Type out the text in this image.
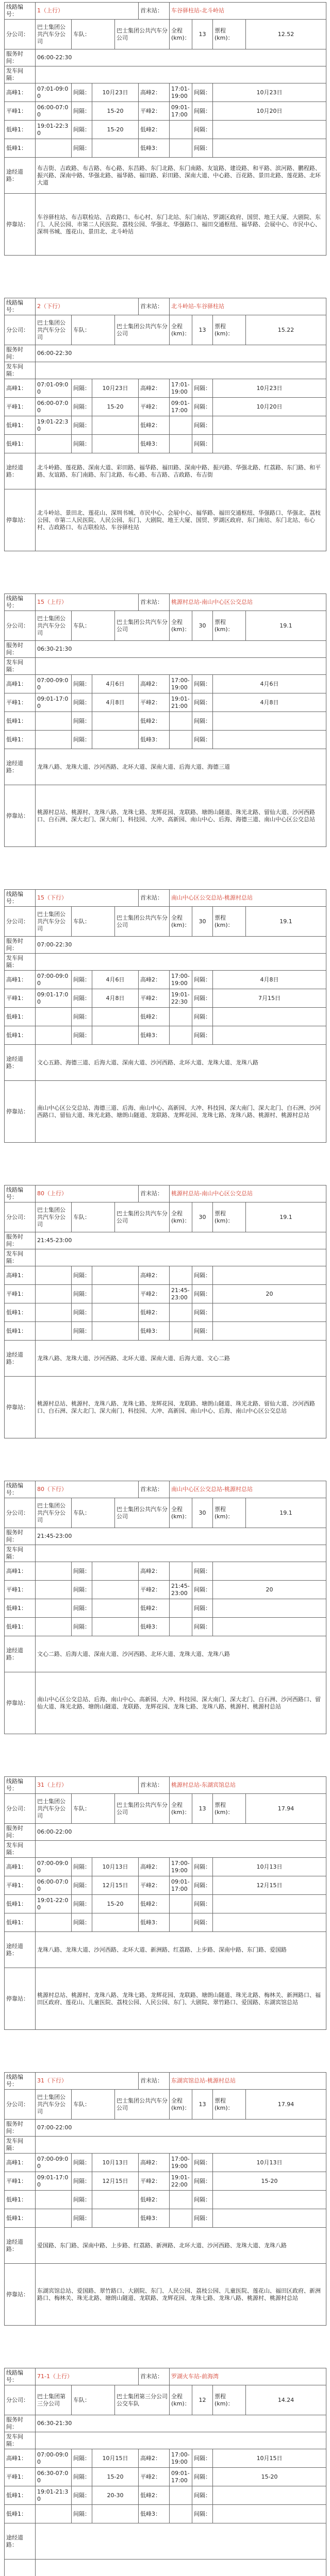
线路编号：	1（上行）				首末站：	车谷驿柱站-北斗岭站			
分公司：	巴士集团公共汽车分公司	车队：		巴士集团公共汽车分公司		全程
(km)：	13	票程
(km)：	12.52
服务时间：	06:00-22:30								
发车间隔：									
高峰1：	07:01-09:00	间隔：	10月23日		高峰2：	17:01-19:00	间隔：	10月23日	
平峰1：	06:00-07:00	间隔：	15-20		平峰2：	09:01-17:00	间隔：	10月20日	
低峰1：	19:01-22:30	间隔：	15-20		低峰2：		间隔：		
低峰1：		间隔：			低峰3：		间隔：		
途经道路：	布吉街、吉政路、布吉路、布心路、东昌路、东门北路、东门南路、友谊路、建设路、和平路、滨河路、鹏程路、振兴路、深南中路、华强北路、福华路、福田路、彩田路、深南大道、中心路、百花路、景田北路、莲花路、北环大道								
停靠站：	车谷驿柱站、布吉联检站、吉政路口、布心村、东门北站、东门南站、罗湖区政府、国贸、地王大厦、大剧院、东门、人民公园、市第二人民医院、荔枝公园、华强北、华强路口、福田交通枢纽、福华路、会展中心、市民中心、深圳书城、莲花山、景田北、北斗岭站								
线路编号：	2（下行）				首末站：	北斗岭站-车谷驿柱站			
分公司：	巴士集团公共汽车分公司	车队：		巴士集团公共汽车分公司		全程
(km)：	13	票程
(km)：	15.22
服务时间：	06:00-22:30								
发车间隔：									
高峰1：	07:01-09:00	间隔：	10月23日		高峰2：	17:01-19:00	间隔：	10月23日	
平峰1：	06:00-07:00	间隔：	15-20		平峰2：	09:01-17:00	间隔：	10月20日	
低峰1：	19:01-22:30	间隔：			低峰2：		间隔：		
低峰1：		间隔：			低峰3：		间隔：		
途经道路：	北斗岭路、莲花路、深南大道、彩田路、福华路、福田路、深南中路、振兴路、华强北路、红荔路、东门路、和平路、友谊路、东门南路、东门北路、布心路、布吉路、吉政路、布吉街								
停靠站：	北斗岭站、景田北、莲花山、深圳书城、市民中心、会展中心、福华路、福田交通枢纽、华强路口、华强北、荔枝公园、市第二人民医院、人民公园、东门、大剧院、地王大厦、国贸、罗湖区政府、东门南站、东门北站、布心村、吉政路口、布吉联检站、车谷驿柱站								
线路编号：	15（上行）				首末站：	桃源村总站-南山中心区公交总站			
分公司：	巴士集团公共汽车分公司	车队：		巴士集团公共汽车分公司		全程
(km)：	30	票程
(km)：	19.1
服务时间：	06:30-21:30								
发车间隔：									
高峰1：	07:00-09:00	间隔：	4月6日		高峰2：	17:00-19:00	间隔：	4月6日	
平峰1：	09:01-17:00	间隔：	4月8日		平峰2：	19:01-21:00	间隔：	4月8日	
低峰1：		间隔：			低峰2：		间隔：		
低峰1：		间隔：			低峰3：		间隔：		
途经道路：	龙珠八路、龙珠大道、沙河西路、北环大道、深南大道、后海大道、海德三道								
停靠站：	桃源村总站、桃源村、龙珠八路、龙珠七路、龙辉花园、龙联路、塘朗山隧道、珠光北路、留仙大道、沙河西路口、白石洲、深大北门、深大南门、科技园、大冲、高新园、南山中心、后海、海德三道、南山中心区公交总站								
线路编号：	15（下行）				首末站：	南山中心区公交总站-桃源村总站			
分公司：	巴士集团公共汽车分公司	车队：		巴士集团公共汽车分公司		全程
(km)：	30	票程
(km)：	19.1
服务时间：	07:00-22:30								
发车间隔：									
高峰1：	07:00-09:00	间隔：	4月6日		高峰2：	17:00-19:00	间隔：	4月8日	
平峰1：	09:01-17:00	间隔：	4月8日		平峰2：	19:01-22:30	间隔：	7月15日	
低峰1：		间隔：			低峰2：		间隔：		
低峰1：		间隔：			低峰3：		间隔：		
途经道路：	文心五路、海德三道、后海大道、深南大道、沙河西路、北环大道、龙珠大道、龙珠八路								
停靠站：	南山中心区公交总站、海德三道、后海、南山中心、高新园、大冲、科技园、深大南门、深大北门、白石洲、沙河西路口、留仙大道、珠光北路、塘朗山隧道、龙联路、龙辉花园、龙珠七路、龙珠八路、桃源村、桃源村总站								
线路编号：	80（上行）				首末站：	桃源村总站-南山中心区公交总站			
分公司：	巴士集团公共汽车分公司	车队：		巴士集团公共汽车分公司		全程
(km)：	30	票程
(km)：	19.1
服务时间：	21:45-23:00								
发车间隔：									
高峰1：		间隔：			高峰2：		间隔：		
平峰1：		间隔：			平峰2：	21:45-23:00	间隔：	20	
低峰1：		间隔：			低峰2：		间隔：		
低峰1：		间隔：			低峰3：		间隔：		
途经道路：	龙珠八路、龙珠大道、沙河西路、北环大道、深南大道、后海大道、文心二路								
停靠站：	桃源村总站、桃源村、龙珠八路、龙珠七路、龙辉花园、龙联路、塘朗山隧道、珠光北路、留仙大道、沙河西路口、白石洲、深大北门、深大南门、科技园、大冲、高新园、南山中心、后海、南山中心区公交总站								
线路编号：	80（下行）				首末站：	南山中心区公交总站-桃源村总站			
分公司：	巴士集团公共汽车分公司	车队：		巴士集团公共汽车分公司		全程
(km)：	30	票程
(km)：	19.1
服务时间：	21:45-23:00								
发车间隔：									
高峰1：		间隔：			高峰2：		间隔：		
平峰1：		间隔：			平峰2：	21:45-23:00	间隔：	20	
低峰1：		间隔：			低峰2：		间隔：		
低峰1：		间隔：			低峰3：		间隔：		
途经道路：	文心二路、后海大道、深南大道、沙河西路、北环大道、龙珠大道、龙珠八路								
停靠站：	南山中心区公交总站、后海、南山中心、高新园、大冲、科技园、深大南门、深大北门、白石洲、沙河西路口、留仙大道、珠光北路、塘朗山隧道、龙联路、龙辉花园、龙珠七路、龙珠八路、桃源村、桃源村总站								
线路编号：	31（上行）				首末站：	桃源村总站-东湖宾馆总站			
分公司：	巴士集团公共汽车分公司	车队：		巴士集团公共汽车分公司		全程
(km)：	13	票程
(km)：	17.94
服务时间：	06:00-22:00								
发车间隔：									
高峰1：	07:00-09:00	间隔：	10月13日		高峰2：	17:00-19:00	间隔：	10月13日	
平峰1：	06:00-07:00	间隔：	12月15日		平峰2：	09:01-17:00	间隔：	12月15日	
低峰1：	19:01-22:00	间隔：	15-20		低峰2：		间隔：		
低峰1：		间隔：			低峰3：		间隔：		
途经道路：	龙珠八路、龙珠大道、沙河西路、北环大道、新洲路、红荔路、上步路、深南中路、东门路、爱国路								
停靠站：	桃源村总站、桃源村、龙珠八路、龙珠七路、龙辉花园、龙联路、塘朗山隧道、珠光北路、梅林关、新洲路口、福田区政府、莲花山、儿童医院、荔枝公园、人民公园、东门、大剧院、翠竹路口、爱国路、东湖宾馆总站								
线路编号：	31（下行）				首末站：	东湖宾馆总站-桃源村总站			
分公司：	巴士集团公共汽车分公司	车队：		巴士集团公共汽车分公司		全程
(km)：	13	票程
(km)：	17.94
服务时间：	07:00-22:00								
发车间隔：									
高峰1：	07:00-09:00	间隔：	10月13日		高峰2：	17:00-19:00	间隔：	10月13日	
平峰1：	09:01-17:00	间隔：	12月15日		平峰2：	19:01-22:00	间隔：	15-20	
低峰1：		间隔：			低峰2：		间隔：		
低峰1：		间隔：			低峰3：		间隔：		
途经道路：	爱国路、东门路、深南中路、上步路、红荔路、新洲路、北环大道、沙河西路、龙珠大道、龙珠八路								
停靠站：	东湖宾馆总站、爱国路、翠竹路口、大剧院、东门、人民公园、荔枝公园、儿童医院、莲花山、福田区政府、新洲路口、梅林关、珠光北路、塘朗山隧道、龙联路、龙辉花园、龙珠七路、龙珠八路、桃源村、桃源村总站								
线路编号：	71-1（上行）				首末站：	罗湖火车站-前海湾			
分公司：	巴士集团第三分公司	车队：		巴士集团第三分公司公交车队		全程
(km)：	12	票程
(km)：	14.24
服务时间：	06:30-21:30								
发车间隔：									
高峰1：	07:00-09:00	间隔：	10月15日		高峰2：	17:00-19:00	间隔：	10月15日	
平峰1：	06:30-07:00	间隔：	15-20		平峰2：	09:01-17:00	间隔：	15-20	
低峰1：	19:01-21:30	间隔：	20-30		低峰2：		间隔：		
低峰1：		间隔：			低峰3：		间隔：		
途经道路：									
